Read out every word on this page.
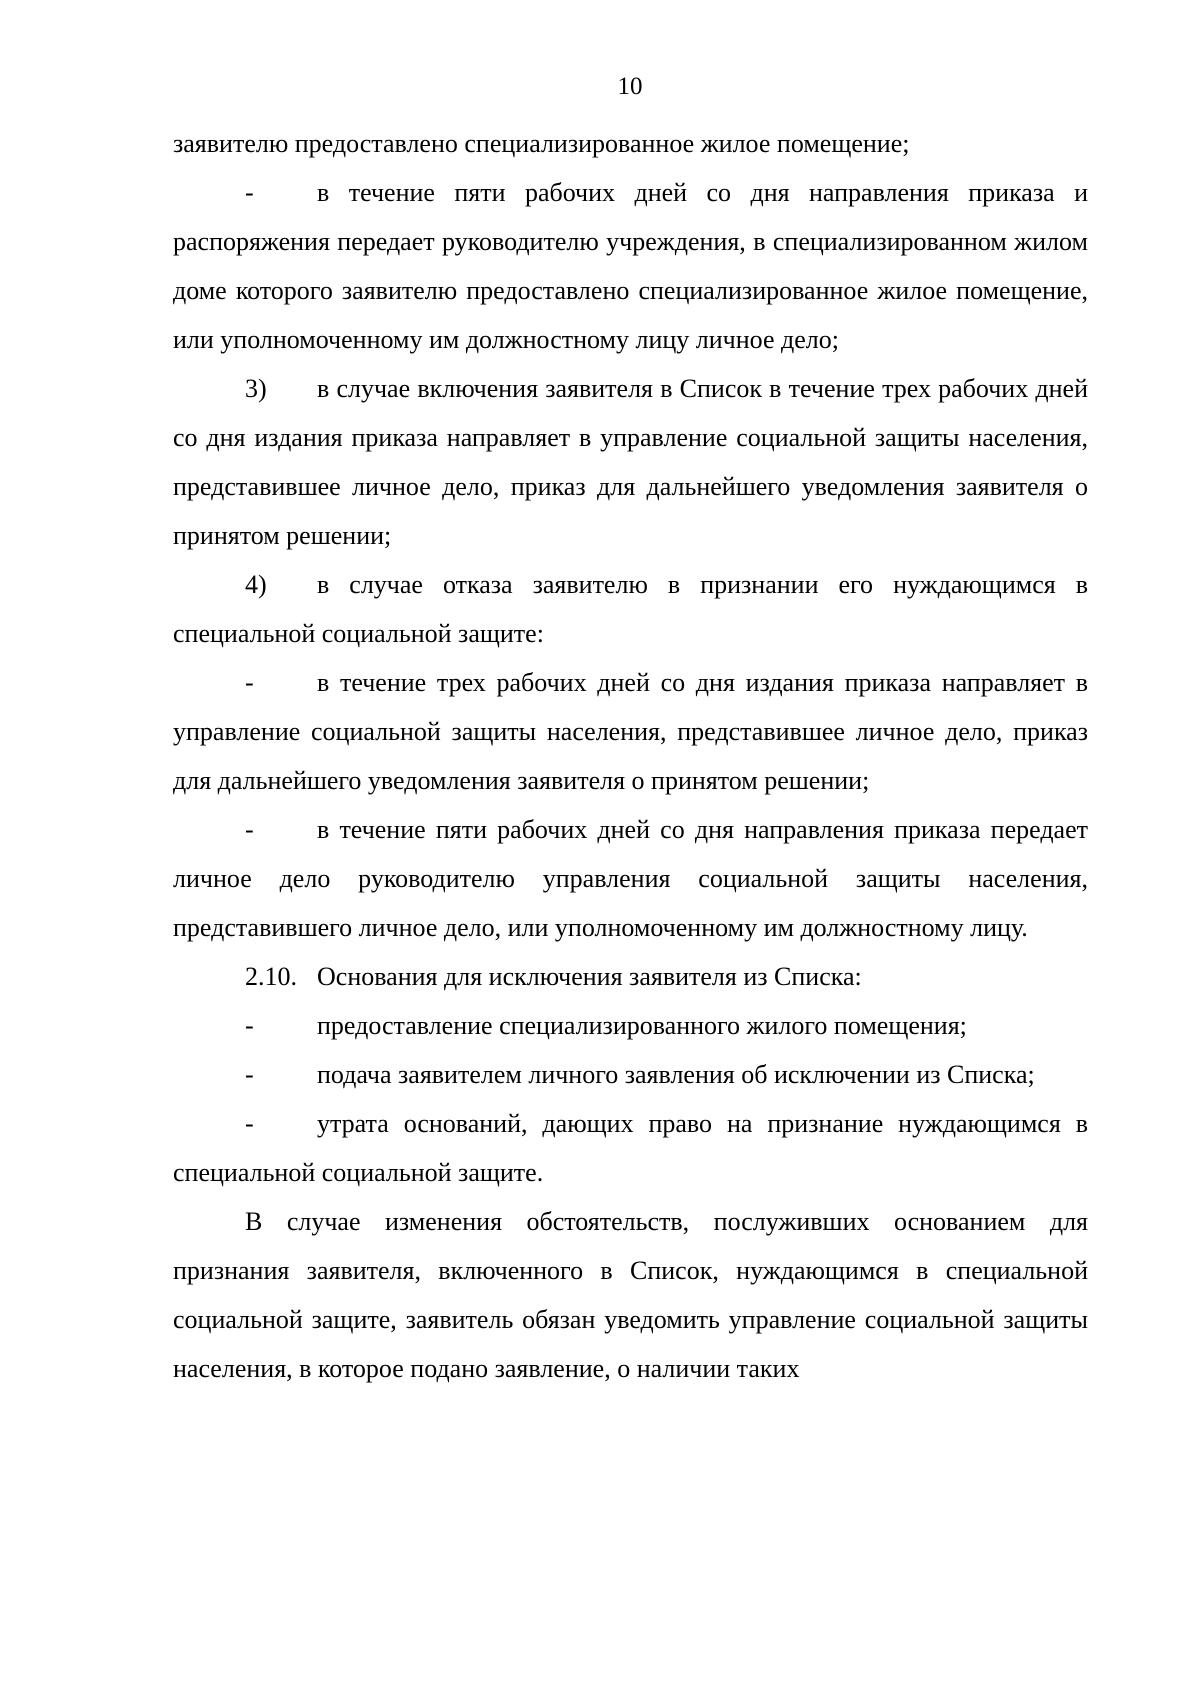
10

заявителю предоставлено специализированное жилое помещение;

- в течение пяти рабочих дней со дня направления приказа и распоряжения передает руководителю учреждения, в специализированном жилом доме которого заявителю предоставлено специализированное жилое помещение, или уполномоченному им должностному лицу личное дело;

3) в случае включения заявителя в Список в течение трех рабочих дней со дня издания приказа направляет в управление социальной защиты населения, представившее личное дело, приказ для дальнейшего уведомления заявителя о принятом решении;

4) в случае отказа заявителю в признании его нуждающимся в специальной социальной защите:

- в течение трех рабочих дней со дня издания приказа направляет в управление социальной защиты населения, представившее личное дело, приказ для дальнейшего уведомления заявителя о принятом решении;

- в течение пяти рабочих дней со дня направления приказа передает личное дело руководителю управления социальной защиты населения, представившего личное дело, или уполномоченному им должностному лицу.

2.10. Основания для исключения заявителя из Списка:

- предоставление специализированного жилого помещения;

- подача заявителем личного заявления об исключении из Списка;

- утрата оснований, дающих право на признание нуждающимся в специальной социальной защите.

В случае изменения обстоятельств, послуживших основанием для признания заявителя, включенного в Список, нуждающимся в специальной социальной защите, заявитель обязан уведомить управление социальной защиты населения, в которое подано заявление, о наличии таких
